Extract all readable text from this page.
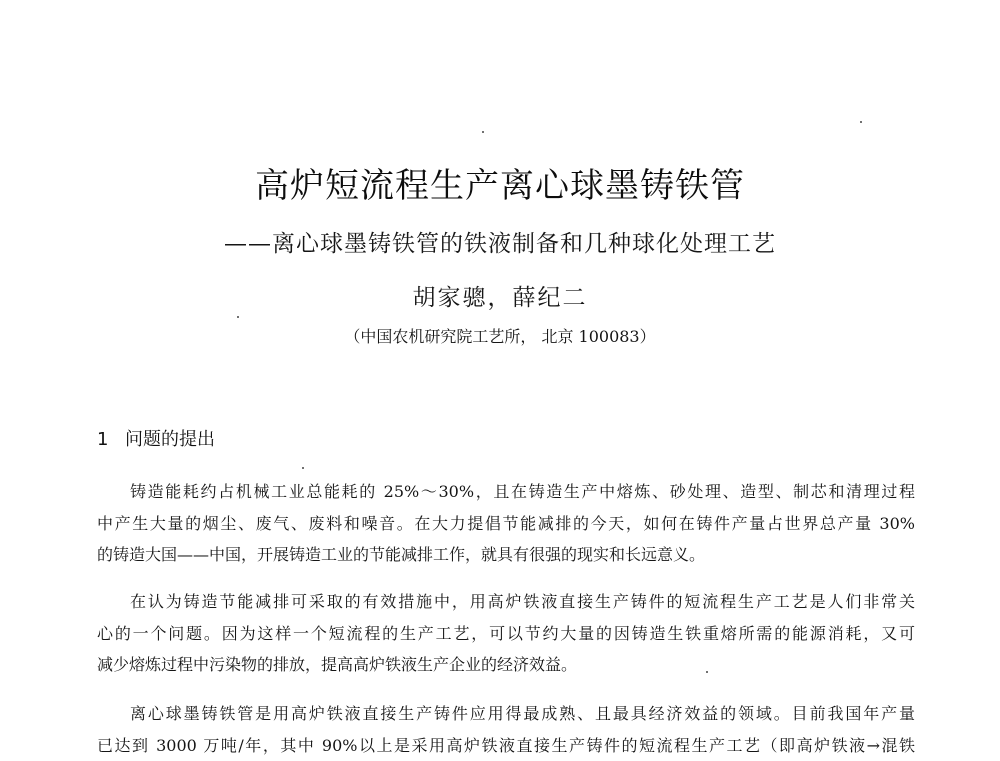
高炉短流程生产离心球墨铸铁管
——离心球墨铸铁管的铁液制备和几种球化处理工艺
胡家骢，薛纪二
（中国农机研究院工艺所， 北京 100083）
1 问题的提出
铸造能耗约占机械工业总能耗的 25%～30%，且在铸造生产中熔炼、砂处理、造型、制芯和清理过程
中产生大量的烟尘、废气、废料和噪音。在大力提倡节能减排的今天，如何在铸件产量占世界总产量 30%
的铸造大国——中国，开展铸造工业的节能减排工作，就具有很强的现实和长远意义。
在认为铸造节能减排可采取的有效措施中，用高炉铁液直接生产铸件的短流程生产工艺是人们非常关
心的一个问题。因为这样一个短流程的生产工艺，可以节约大量的因铸造生铁重熔所需的能源消耗，又可
减少熔炼过程中污染物的排放，提高高炉铁液生产企业的经济效益。
离心球墨铸铁管是用高炉铁液直接生产铸件应用得最成熟、且最具经济效益的领域。目前我国年产量
已达到 3000 万吨/年，其中 90%以上是采用高炉铁液直接生产铸件的短流程生产工艺（即高炉铁液→混铁
